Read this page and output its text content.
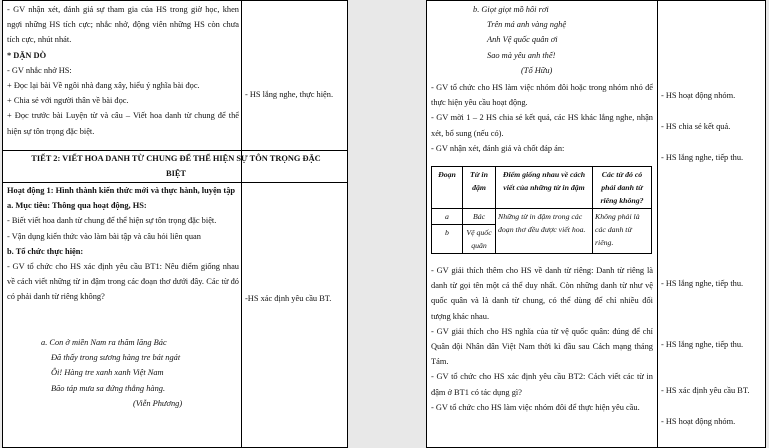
- GV nhận xét, đánh giá sự tham gia của HS trong giờ học, khen ngợi những HS tích cực; nhắc nhở, động viên những HS còn chưa tích cực, nhút nhát.

* DẶN DÒ

- GV nhắc nhở HS:

+ Đọc lại bài Về ngôi nhà đang xây, hiểu ý nghĩa bài đọc.

+ Chia sẻ với người thân về bài đọc.

+ Đọc trước bài Luyện từ và câu – Viết hoa danh từ chung để thể hiện sự tôn trọng đặc biệt.

- HS lắng nghe, thực hiện.

TIẾT 2: VIẾT HOA DANH TỪ CHUNG ĐỂ THỂ HIỆN SỰ TÔN TRỌNG ĐẶC BIỆT

Hoạt động 1: Hình thành kiến thức mới và thực hành, luyện tập

a. Mục tiêu: Thông qua hoạt động, HS:

- Biết viết hoa danh từ chung để thể hiện sự tôn trọng đặc biệt.

- Vận dụng kiến thức vào làm bài tập và câu hỏi liên quan

b. Tổ chức thực hiện:

- GV tổ chức cho HS xác định yêu cầu BT1: Nêu điểm giống nhau về cách viết những từ in đậm trong các đoạn thơ dưới đây. Các từ đó có phải danh từ riêng không?

a. Con ở miền Nam ra thăm lăng Bác

Đã thấy trong sương hàng tre bát ngát

Ôi! Hàng tre xanh xanh Việt Nam

Bão táp mưa sa đứng thẳng hàng.

(Viễn Phương)

-HS xác định yêu cầu BT.

b. Giọt giọt mồ hôi rơi

Trên má anh vàng nghệ

Anh Vệ quốc quân ơi

Sao mà yêu anh thế!

(Tố Hữu)

- GV tổ chức cho HS làm việc nhóm đôi hoặc trong nhóm nhỏ để thực hiện yêu cầu hoạt động.

- GV mời 1 – 2 HS chia sẻ kết quả, các HS khác lắng nghe, nhận xét, bổ sung (nếu có).

- GV nhận xét, đánh giá và chốt đáp án:

Đoạn	Từ in đậm	Điểm giống nhau về cách viết của những từ in đậm	Các từ đó có phải danh từ riêng không?
a	Bác	Những từ in đậm trong các đoạn thơ đều được viết hoa.	Không phải là các danh từ riêng.
b	Vệ quốc quân		

- GV giải thích thêm cho HS về danh từ riêng: Danh từ riêng là danh từ gọi tên một cá thể duy nhất. Còn những danh từ như vệ quốc quân và là danh từ chung, có thể dùng để chỉ nhiều đối tượng khác nhau.

- GV giải thích cho HS nghĩa của từ vệ quốc quân: đúng để chỉ Quân đội Nhân dân Việt Nam thời kì đầu sau Cách mạng tháng Tám.

- GV tổ chức cho HS xác định yêu cầu BT2: Cách viết các từ in đậm ở BT1 có tác dụng gì?

- GV tổ chức cho HS làm việc nhóm đôi để thực hiện yêu cầu.

- HS hoạt động nhóm.

- HS chia sẻ kết quả.

- HS lắng nghe, tiếp thu.

- HS lắng nghe, tiếp thu.

- HS lắng nghe, tiếp thu.

- HS xác định yêu cầu BT.

- HS hoạt động nhóm.
